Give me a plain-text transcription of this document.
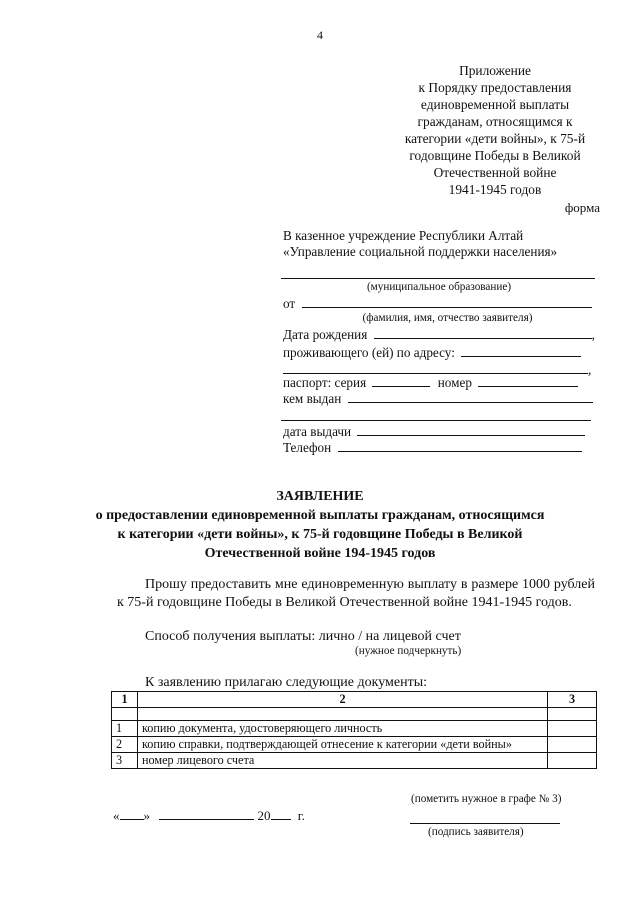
4
Приложение
к Порядку предоставления
единовременной выплаты
гражданам, относящимся к
категории «дети войны», к 75-й
годовщине Победы в Великой
Отечественной войне
1941-1945 годов
форма
В казенное учреждение Республики Алтай
«Управление социальной поддержки населения»
(муниципальное образование)
от
(фамилия, имя, отчество заявителя)
Дата рождения	,
проживающего (ей) по адресу:
,
паспорт: серия	номер
кем выдан
дата выдачи
Телефон
ЗАЯВЛЕНИЕ
о предоставлении единовременной выплаты гражданам, относящимся
к категории «дети войны», к 75-й годовщине Победы в Великой
Отечественной войне 194-1945 годов
Прошу предоставить мне единовременную выплату в размере 1000 рублей к 75-й годовщине Победы в Великой Отечественной войне 1941-1945 годов.
Способ получения выплаты: лично / на лицевой счет
(нужное подчеркнуть)
К заявлению прилагаю следующие документы:
1	2	3

1	копию документа, удостоверяющего личность	
2	копию справки, подтверждающей отнесение к категории «дети войны»	
3	номер лицевого счета	
(пометить нужное в графе № 3)
« »	20 г.
(подпись заявителя)
